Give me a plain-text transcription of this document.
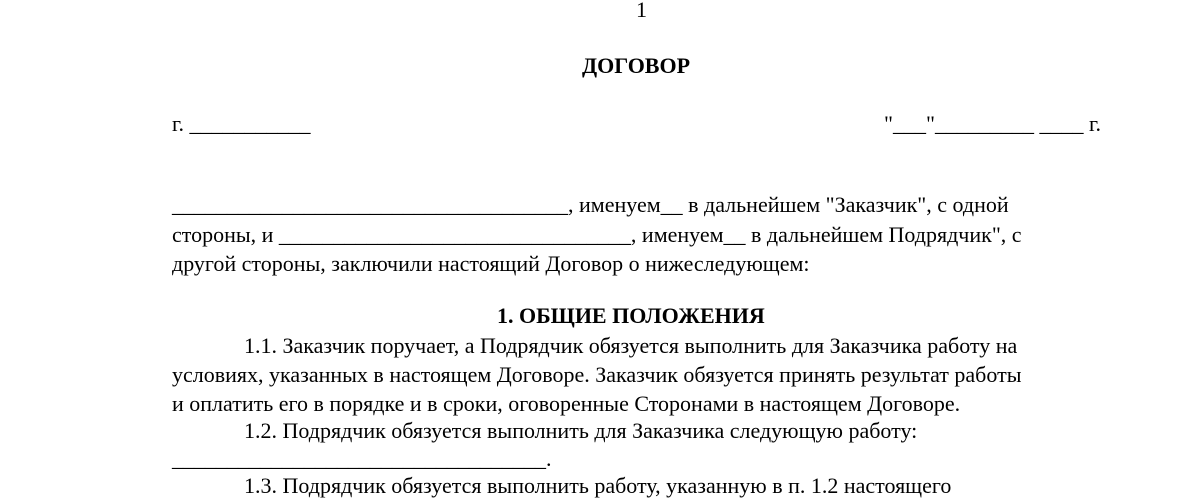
1
ДОГОВОР
г. ___________	"___"_________ ____ г.
____________________________________, именуем__ в дальнейшем "Заказчик", с одной
стороны, и ________________________________, именуем__ в дальнейшем Подрядчик", с
другой стороны, заключили настоящий Договор о нижеследующем:
1. ОБЩИЕ ПОЛОЖЕНИЯ
1.1. Заказчик поручает, а Подрядчик обязуется выполнить для Заказчика работу на
условиях, указанных в настоящем Договоре. Заказчик обязуется принять результат работы
и оплатить его в порядке и в сроки, оговоренные Сторонами в настоящем Договоре.
1.2. Подрядчик обязуется выполнить для Заказчика следующую работу:
__________________________________.
1.3. Подрядчик обязуется выполнить работу, указанную в п. 1.2 настоящего
